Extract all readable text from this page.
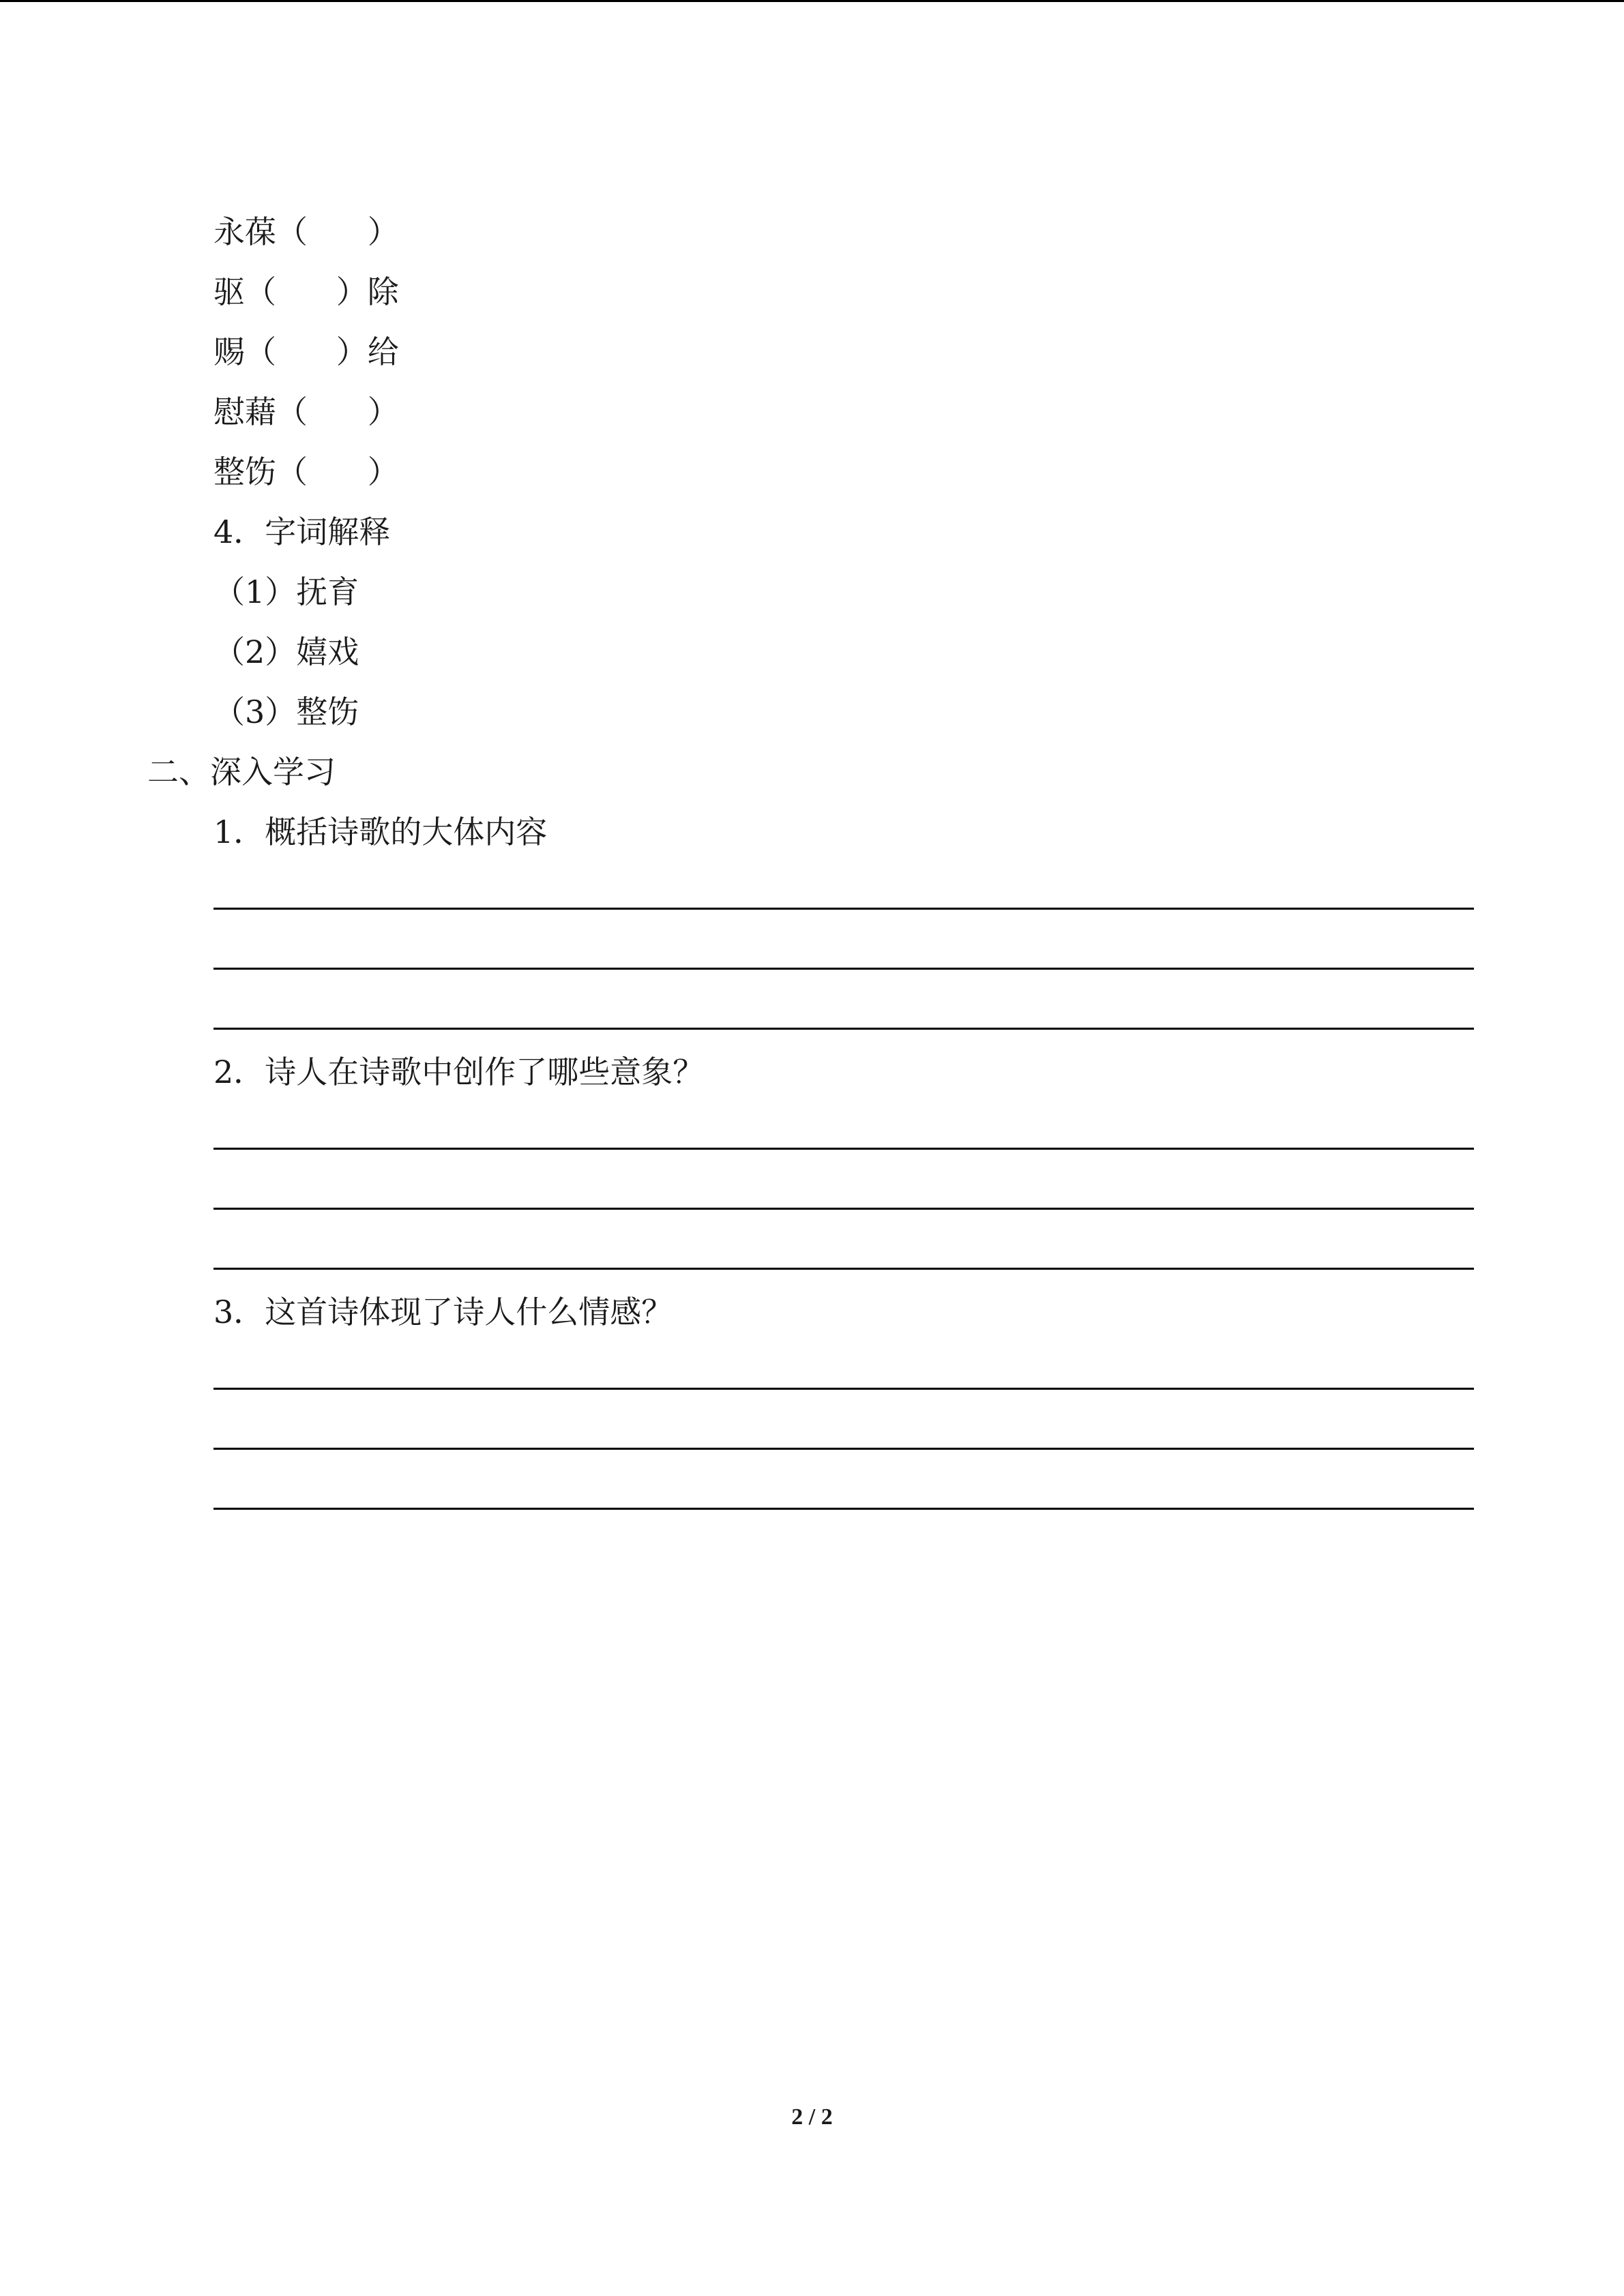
永葆（      ）
驱（      ）除
赐（      ）给
慰藉（      ）
整饬（      ）
4．字词解释
（1）抚育
（2）嬉戏
（3）整饬
二、深入学习
1．概括诗歌的大体内容
2．诗人在诗歌中创作了哪些意象？
3．这首诗体现了诗人什么情感？
2 / 2
